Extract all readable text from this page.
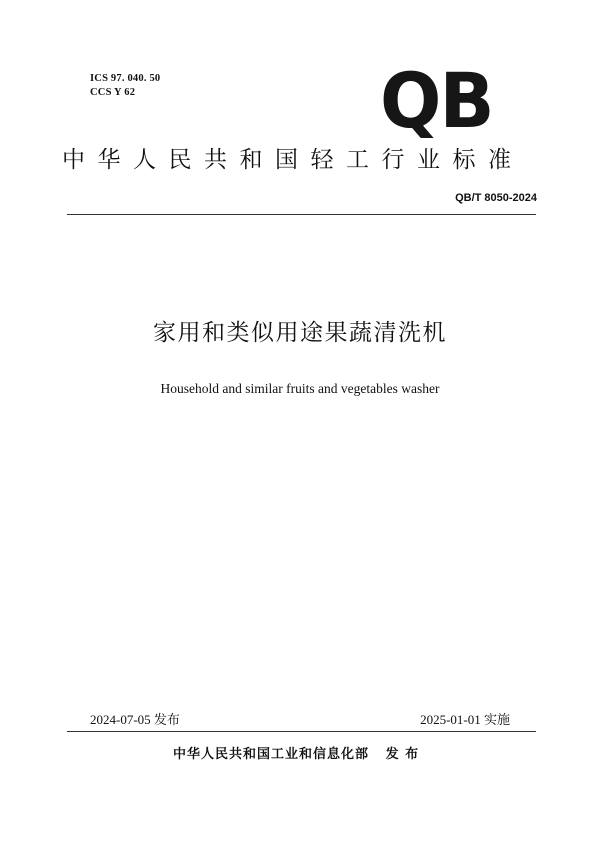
ICS 97. 040. 50
CCS Y 62	QB
中华人民共和国轻工行业标准
QB/T 8050-2024
家用和类似用途果蔬清洗机
Household and similar fruits and vegetables washer
2024-07-05 发布	2025-01-01 实施
中华人民共和国工业和信息化部   发 布
